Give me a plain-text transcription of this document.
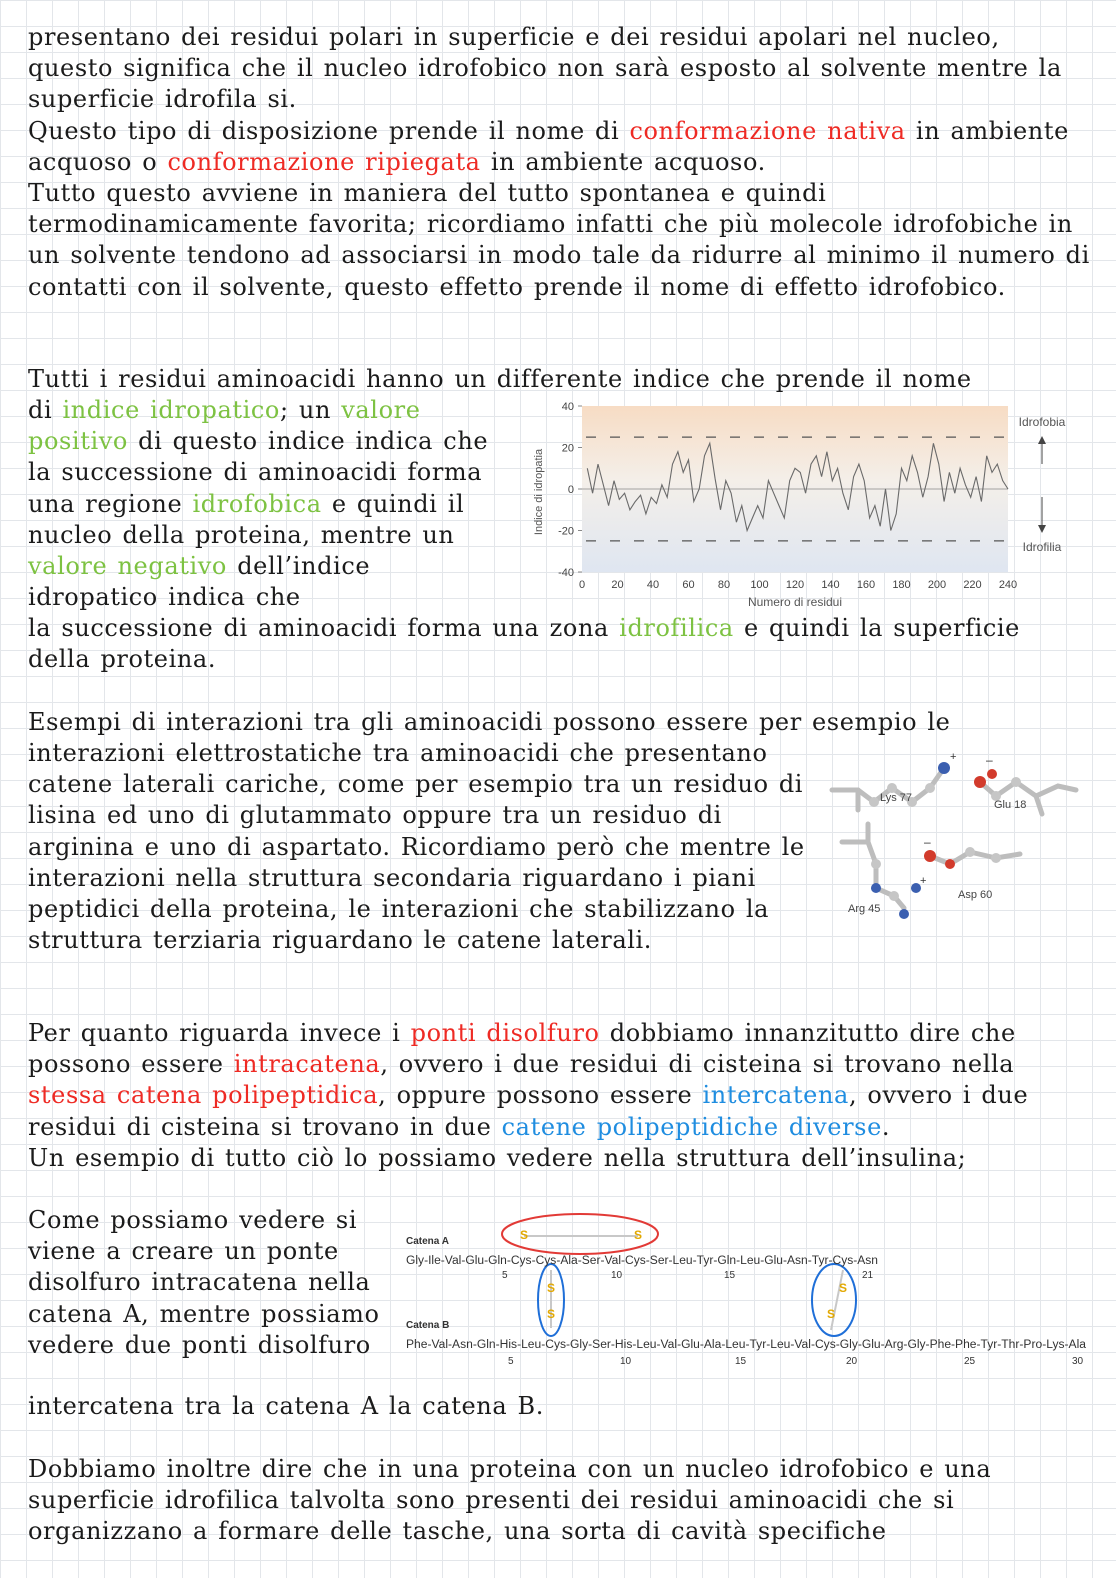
presentano dei residui polari in superficie e dei residui apolari nel nucleo, questo significa che il nucleo idrofobico non sarà esposto al solvente mentre la superficie idrofila si.
Questo tipo di disposizione prende il nome di conformazione nativa in ambiente acquoso o conformazione ripiegata in ambiente acquoso.
Tutto questo avviene in maniera del tutto spontanea e quindi termodinamicamente favorita; ricordiamo infatti che più molecole idrofobiche in un solvente tendono ad associarsi in modo tale da ridurre al minimo il numero di contatti con il solvente, questo effetto prende il nome di effetto idrofobico.

Tutti i residui aminoacidi hanno un differente indice che prende il nome

di indice idropatico; un valore positivo di questo indice indica che la successione di aminoacidi forma una regione idrofobica e quindi il nucleo della proteina, mentre un valore negativo dell’indice idropatico indica che

la successione di aminoacidi forma una zona idrofilica e quindi la superficie della proteina.

40
20
0
-20
-40
0 20 40 60 80 100 120 140 160 180 200 220 240
Indice di idropatia
Numero di residui
Idrofobia
Idrofilia

Esempi di interazioni tra gli aminoacidi possono essere per esempio le

interazioni elettrostatiche tra aminoacidi che presentano catene laterali cariche, come per esempio tra un residuo di lisina ed uno di glutammato oppure tra un residuo di arginina e uno di aspartato. Ricordiamo però che mentre le interazioni nella struttura secondaria riguardano i piani peptidici della proteina, le interazioni che stabilizzano la struttura terziaria riguardano le catene laterali.

+ –
+
–
Lys 77
Glu 18
Arg 45
Asp 60

Per quanto riguarda invece i ponti disolfuro dobbiamo innanzitutto dire che possono essere intracatena, ovvero i due residui di cisteina si trovano nella stessa catena polipeptidica, oppure possono essere intercatena, ovvero i due residui di cisteina si trovano in due catene polipeptidiche diverse.
Un esempio di tutto ciò lo possiamo vedere nella struttura dell’insulina;

Come possiamo vedere si viene a creare un ponte disolfuro intracatena nella catena A, mentre possiamo vedere due ponti disolfuro

intercatena tra la catena A la catena B.

S	S
S
S
S
S
Catena A
Gly-Ile-Val-Glu-Gln-Cys-Cys-Ala-Ser-Val-Cys-Ser-Leu-Tyr-Gln-Leu-Glu-Asn-Tyr-Cys-Asn
5	10	15	21
Catena B
Phe-Val-Asn-Gln-His-Leu-Cys-Gly-Ser-His-Leu-Val-Glu-Ala-Leu-Tyr-Leu-Val-Cys-Gly-Glu-Arg-Gly-Phe-Phe-Tyr-Thr-Pro-Lys-Ala
5	10	15	20	25	30

Dobbiamo inoltre dire che in una proteina con un nucleo idrofobico e una superficie idrofilica talvolta sono presenti dei residui aminoacidi che si organizzano a formare delle tasche, una sorta di cavità specifiche
